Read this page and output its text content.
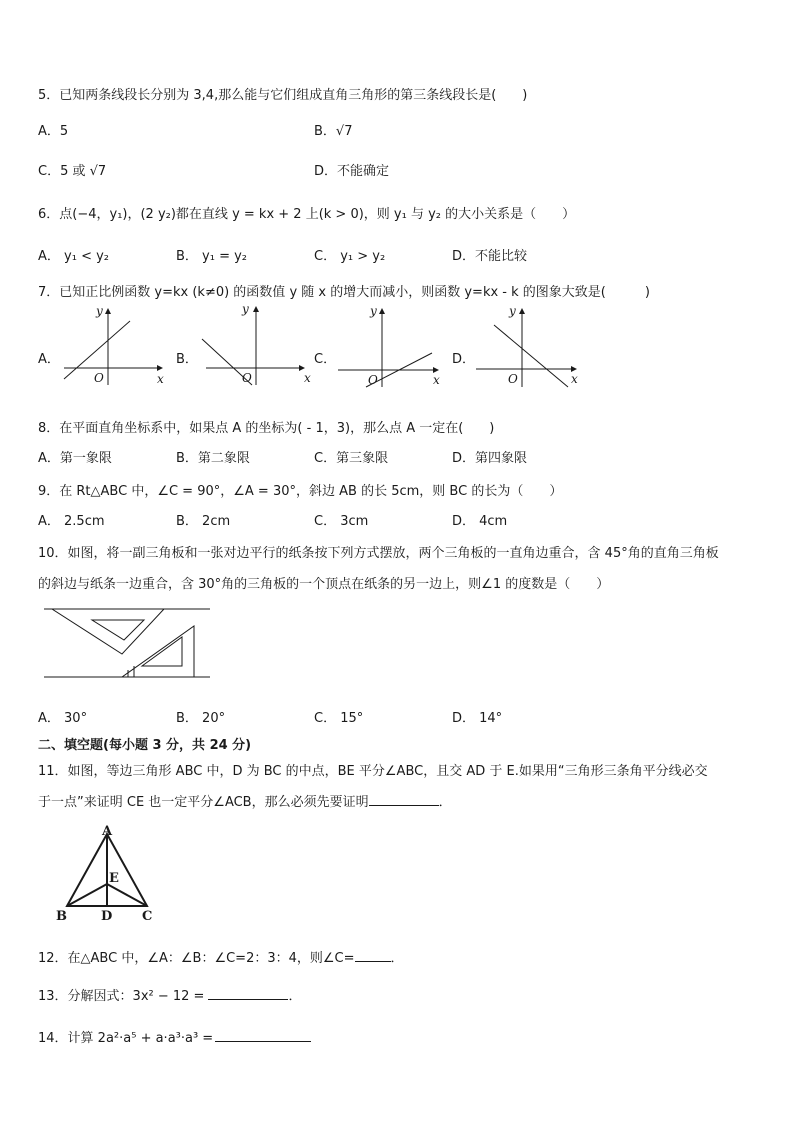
5．已知两条线段长分别为 3,4,那么能与它们组成直角三角形的第三条线段长是(　　)
A．5	B．√7
C．5 或 √7	D．不能确定
6．点(−4，y₁)，(2 y₂)都在直线 y = kx + 2 上(k > 0)，则 y₁ 与 y₂ 的大小关系是（　　）
A． y₁ < y₂	B． y₁ = y₂	C． y₁ > y₂	D．不能比较
7．已知正比例函数 y=kx (k≠0) 的函数值 y 随 x 的增大而减小，则函数 y=kx - k 的图象大致是(　　　)
A．	B．	C．	D．
y
x
O
y
x
O
y
x
O
y
x
O
8．在平面直角坐标系中，如果点 A 的坐标为( - 1，3)，那么点 A 一定在(　　)
A．第一象限	B．第二象限	C．第三象限	D．第四象限
9．在 Rt△ABC 中，∠C = 90°，∠A = 30°，斜边 AB 的长 5cm，则 BC 的长为（　　）
A． 2.5cm	B． 2cm	C． 3cm	D． 4cm
10．如图，将一副三角板和一张对边平行的纸条按下列方式摆放，两个三角板的一直角边重合，含 45°角的直角三角板
的斜边与纸条一边重合，含 30°角的三角板的一个顶点在纸条的另一边上，则∠1 的度数是（　　）
A． 30°	B． 20°	C． 15°	D． 14°
二、填空题(每小题 3 分，共 24 分)
11．如图，等边三角形 ABC 中，D 为 BC 的中点，BE 平分∠ABC，且交 AD 于 E.如果用“三角形三条角平分线必交
于一点”来证明 CE 也一定平分∠ACB，那么必须先要证明	．
A
B	C
D
E
12．在△ABC 中，∠A：∠B：∠C=2：3：4，则∠C=	．
13．分解因式：3x² − 12 =	．
14．计算 2a²·a⁵ + a·a³·a³ =
